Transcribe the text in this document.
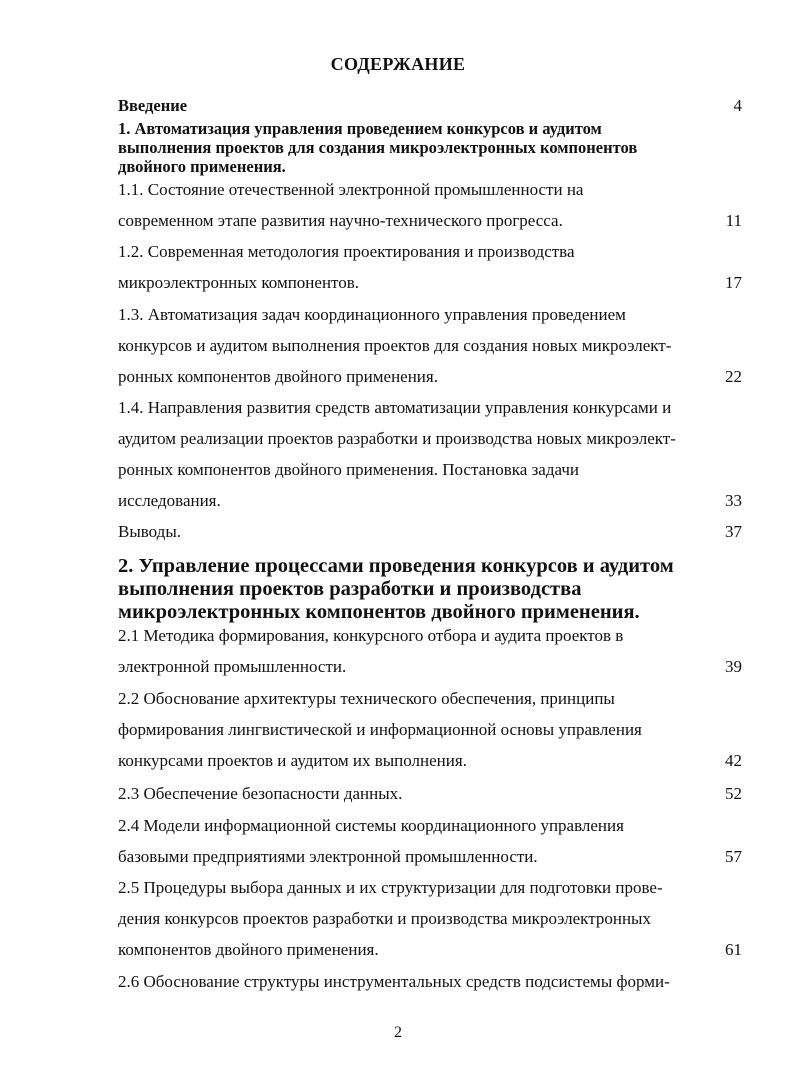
СОДЕРЖАНИЕ
Введение	4
1. Автоматизация управления проведением конкурсов и аудитом
выполнения проектов для создания микроэлектронных компонентов
двойного применения.
1.1. Состояние отечественной электронной промышленности на
современном этапе развития научно-технического прогресса.	11
1.2. Современная методология проектирования и производства
микроэлектронных компонентов.	17
1.3. Автоматизация задач координационного управления проведением
конкурсов и аудитом выполнения проектов для создания новых микроэлект-
ронных компонентов двойного применения.	22
1.4. Направления развития средств автоматизации управления конкурсами и
аудитом реализации проектов разработки и производства новых микроэлект-
ронных компонентов двойного применения. Постановка задачи
исследования.	33
Выводы.	37
2. Управление процессами проведения конкурсов и аудитом
выполнения проектов разработки и производства
микроэлектронных компонентов двойного применения.
2.1 Методика формирования, конкурсного отбора и аудита проектов в
электронной промышленности.	39
2.2 Обоснование архитектуры технического обеспечения, принципы
формирования лингвистической и информационной основы управления
конкурсами проектов и аудитом их выполнения.	42
2.3 Обеспечение безопасности данных.	52
2.4 Модели информационной системы координационного управления
базовыми предприятиями электронной промышленности.	57
2.5 Процедуры выбора данных и их структуризации для подготовки прове-
дения конкурсов проектов разработки и производства микроэлектронных
компонентов двойного применения.	61
2.6 Обоснование структуры инструментальных средств подсистемы форми-
2
